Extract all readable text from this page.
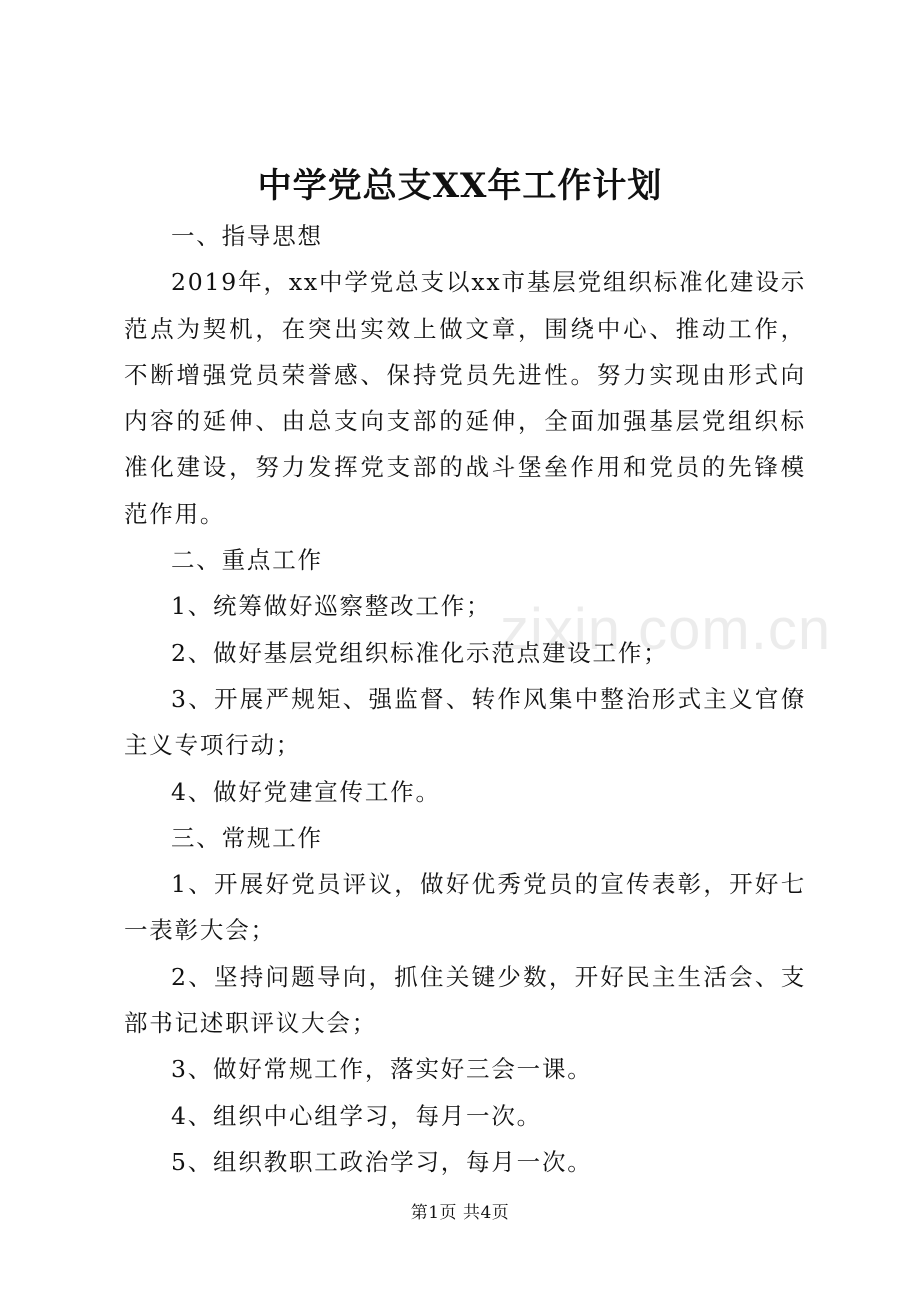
中学党总支XX年工作计划

一、指导思想

2019年，xx中学党总支以xx市基层党组织标准化建设示范点为契机，在突出实效上做文章，围绕中心、推动工作，不断增强党员荣誉感、保持党员先进性。努力实现由形式向内容的延伸、由总支向支部的延伸，全面加强基层党组织标准化建设，努力发挥党支部的战斗堡垒作用和党员的先锋模范作用。

二、重点工作

1、统筹做好巡察整改工作；

2、做好基层党组织标准化示范点建设工作；

3、开展严规矩、强监督、转作风集中整治形式主义官僚主义专项行动；

4、做好党建宣传工作。

三、常规工作

1、开展好党员评议，做好优秀党员的宣传表彰，开好七一表彰大会；

2、坚持问题导向，抓住关键少数，开好民主生活会、支部书记述职评议大会；

3、做好常规工作，落实好三会一课。

4、组织中心组学习，每月一次。

5、组织教职工政治学习，每月一次。

zixin.com.cn
第1页 共4页
